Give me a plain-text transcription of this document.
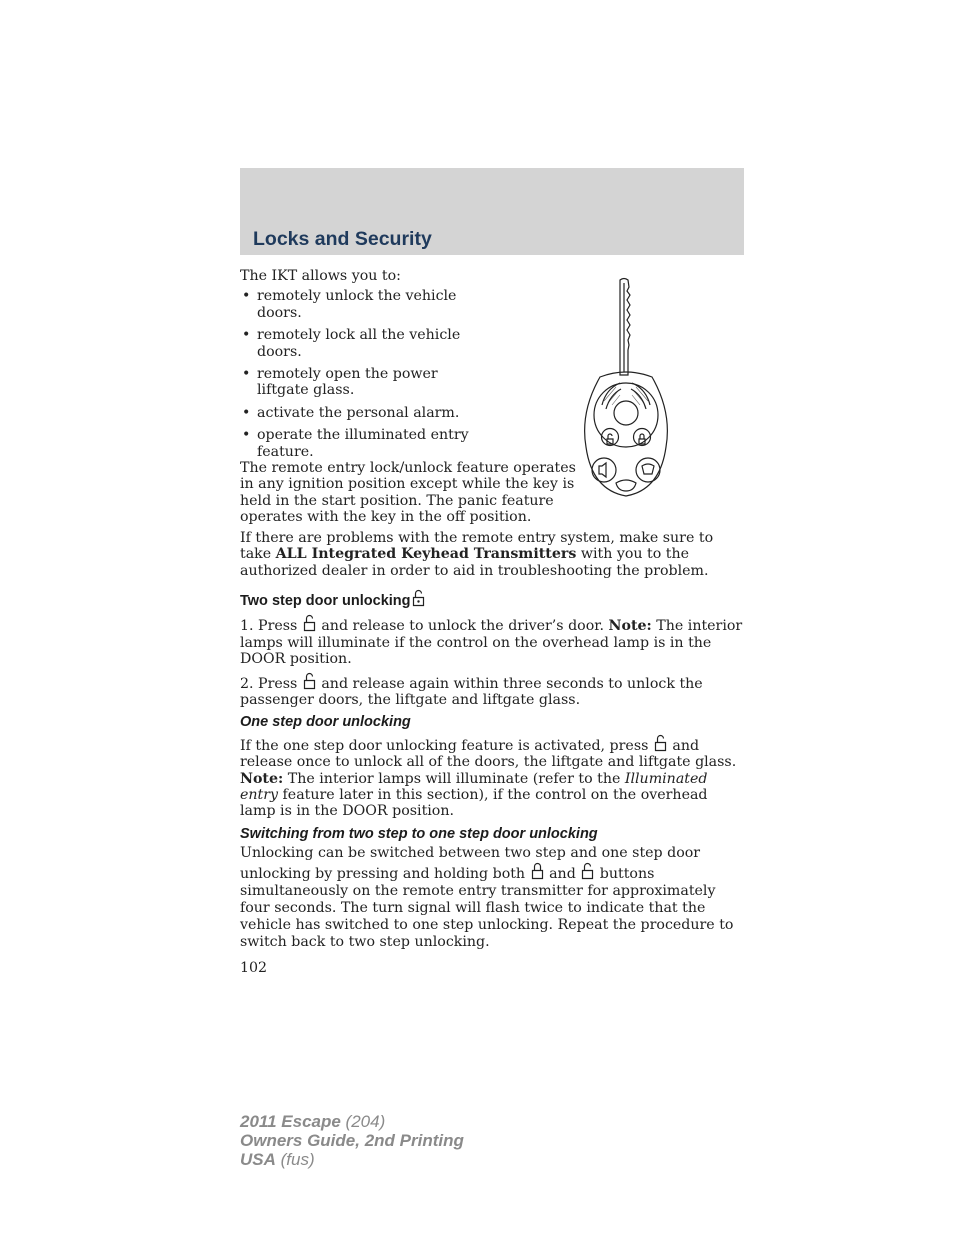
Locks and Security

The IKT allows you to:

• remotely unlock the vehicle doors.
• remotely lock all the vehicle doors.
• remotely open the power liftgate glass.
• activate the personal alarm.
• operate the illuminated entry feature.

The remote entry lock/unlock feature operates in any ignition position except while the key is held in the start position. The panic feature operates with the key in the off position.

If there are problems with the remote entry system, make sure to take ALL Integrated Keyhead Transmitters with you to the authorized dealer in order to aid in troubleshooting the problem.

Two step door unlocking

1. Press
and release to unlock the driver’s door. Note: The interior lamps will illuminate if the control on the overhead lamp is in the DOOR position.

2. Press
and release again within three seconds to unlock the passenger doors, the liftgate and liftgate glass.

One step door unlocking

If the one step door unlocking feature is activated, press
and release once to unlock all of the doors, the liftgate and liftgate glass. Note: The interior lamps will illuminate (refer to the Illuminated entry feature later in this section), if the control on the overhead lamp is in the DOOR position.

Switching from two step to one step door unlocking

Unlocking can be switched between two step and one step door unlocking by pressing and holding both
and
buttons simultaneously on the remote entry transmitter for approximately four seconds. The turn signal will flash twice to indicate that the vehicle has switched to one step unlocking. Repeat the procedure to switch back to two step unlocking.

102
2011 Escape (204)
Owners Guide, 2nd Printing
USA (fus)
